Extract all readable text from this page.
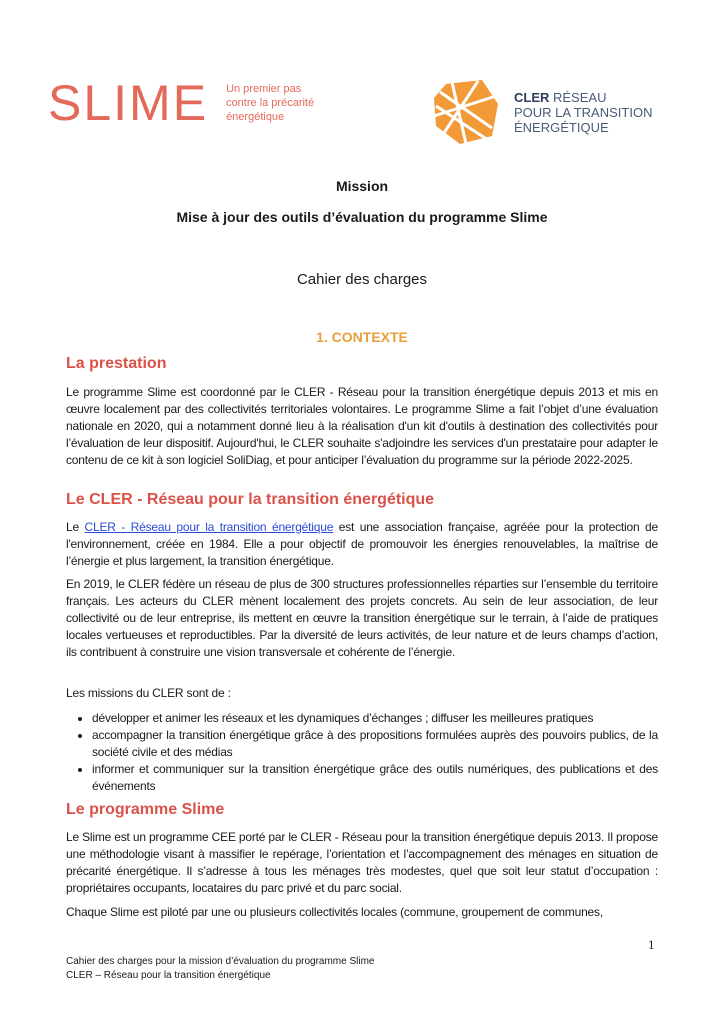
SLIME Un premier pas
contre la précarité
énergétique
CLER RÉSEAU
POUR LA TRANSITION
ÉNERGÉTIQUE
Mission
Mise à jour des outils d’évaluation du programme Slime
Cahier des charges
1. CONTEXTE
La prestation
Le programme Slime est coordonné par le CLER - Réseau pour la transition énergétique depuis 2013 et mis en œuvre localement par des collectivités territoriales volontaires. Le programme Slime a fait l’objet d’une évaluation nationale en 2020, qui a notamment donné lieu à la réalisation d'un kit d'outils à destination des collectivités pour l’évaluation de leur dispositif. Aujourd'hui, le CLER souhaite s'adjoindre les services d'un prestataire pour adapter le contenu de ce kit à son logiciel SoliDiag, et pour anticiper l’évaluation du programme sur la période 2022-2025.
Le CLER - Réseau pour la transition énergétique
Le CLER - Réseau pour la transition énergétique est une association française, agréée pour la protection de l'environnement, créée en 1984. Elle a pour objectif de promouvoir les énergies renouvelables, la maîtrise de l’énergie et plus largement, la transition énergétique.
En 2019, le CLER fédère un réseau de plus de 300 structures professionnelles réparties sur l’ensemble du territoire français. Les acteurs du CLER mènent localement des projets concrets. Au sein de leur association, de leur collectivité ou de leur entreprise, ils mettent en œuvre la transition énergétique sur le terrain, à l’aide de pratiques locales vertueuses et reproductibles. Par la diversité de leurs activités, de leur nature et de leurs champs d’action, ils contribuent à construire une vision transversale et cohérente de l’énergie.
Les missions du CLER sont de :
• développer et animer les réseaux et les dynamiques d’échanges ; diffuser les meilleures pratiques
• accompagner la transition énergétique grâce à des propositions formulées auprès des pouvoirs publics, de la société civile et des médias
• informer et communiquer sur la transition énergétique grâce des outils numériques, des publications et des événements
Le programme Slime
Le Slime est un programme CEE porté par le CLER - Réseau pour la transition énergétique depuis 2013. Il propose une méthodologie visant à massifier le repérage, l’orientation et l’accompagnement des ménages en situation de précarité énergétique. Il s’adresse à tous les ménages très modestes, quel que soit leur statut d’occupation : propriétaires occupants, locataires du parc privé et du parc social.
Chaque Slime est piloté par une ou plusieurs collectivités locales (commune, groupement de communes,
1
Cahier des charges pour la mission d’évaluation du programme Slime
CLER – Réseau pour la transition énergétique
